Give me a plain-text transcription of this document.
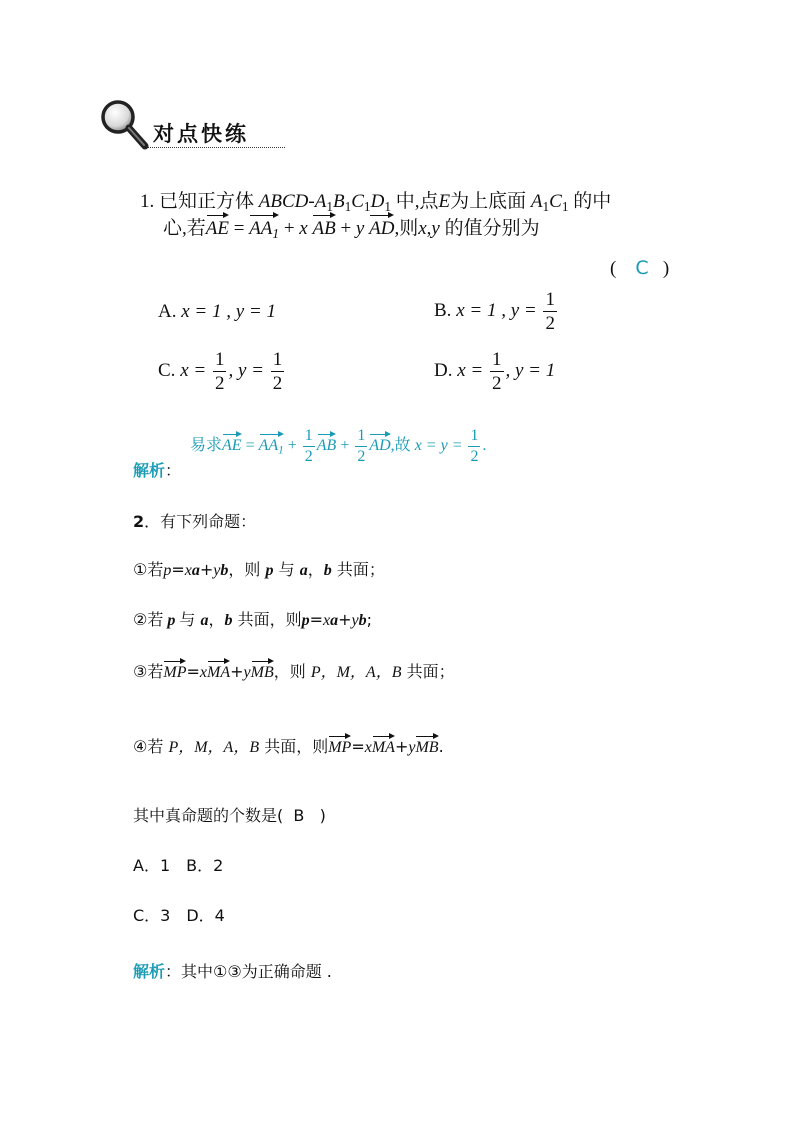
对点快练
1. 已知正方体 ABCD-$A_1B_1C_1D_1$ 中,点E为上底面 $A_1C_1$ 的中
心,若AE = $AA_1 + x$ AB + y AD,则x,y 的值分别为
(    C   )
A. x = 1 , y = 1	B. x = 1 , $y = \frac{1}{2}$
C. $x = \frac{1}{2}$ , $y = \frac{1}{2}$	D. $x = \frac{1}{2}$ , y = 1
解析：
易求AE = $AA_1 + \frac{1}{2}$ AB + $\frac{1}{2}$ AD,故 $x = y = \frac{1}{2}$ .
2．有下列命题：
①若p=xa+yb，则 p 与 a，b 共面；
②若 p 与 a，b 共面，则p=xa+yb;
③若MP=xMA+yMB，则 P，M，A，B 共面；
④若 P，M，A，B 共面，则MP=xMA+yMB.
其中真命题的个数是( B )
A．1　B．2
C．3　D．4
解析：其中①③为正确命题 .
